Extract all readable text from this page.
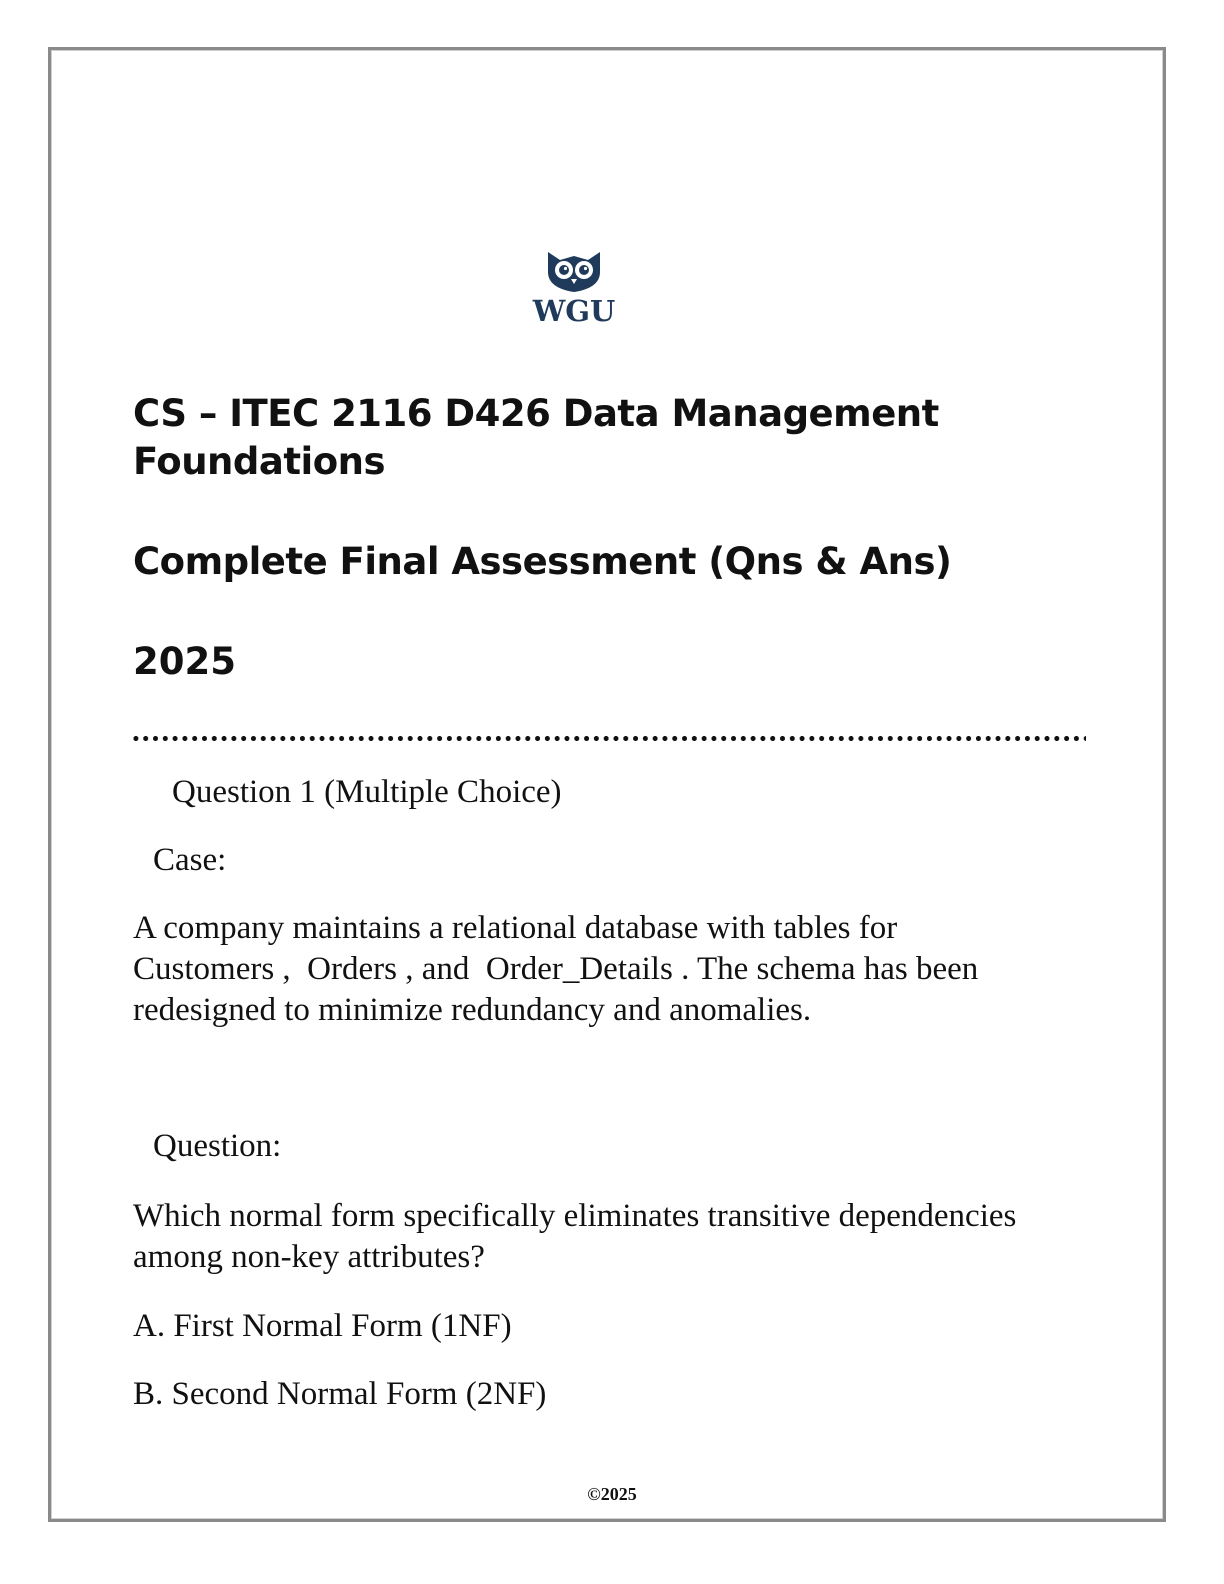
WGU
CS – ITEC 2116 D426 Data Management Foundations
Complete Final Assessment (Qns & Ans)
2025
Question 1 (Multiple Choice)
Case:
A company maintains a relational database with tables for
Customers ,  Orders , and  Order_Details . The schema has been redesigned to minimize redundancy and anomalies.
Question:
Which normal form specifically eliminates transitive dependencies among non-key attributes?
A. First Normal Form (1NF)
B. Second Normal Form (2NF)
©2025
